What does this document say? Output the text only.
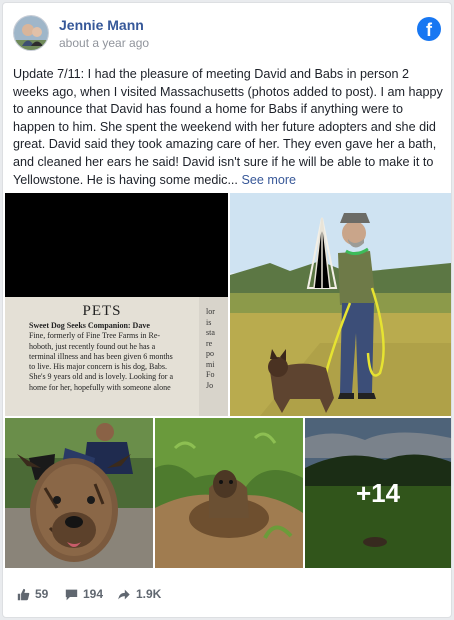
Jennie Mann
about a year ago
f
Update 7/11: I had the pleasure of meeting David and Babs in person 2 weeks ago, when I visited Massachusetts (photos added to post). I am happy to announce that David has found a home for Babs if anything were to happen to him. She spent the weekend with her future adopters and she did great. David said they took amazing care of her. They even gave her a bath, and cleaned her ears he said! David isn't sure if he will be able to make it to Yellowstone. He is having some medic... See more
PETS
Sweet Dog Seeks Companion: Dave
Fine, formerly of Fine Tree Farms in Re-
hoboth, just recently found out he has a
terminal illness and has been given 6 months
to live. His major concern is his dog, Babs.
She's 9 years old and is lovely. Looking for a
home for her, hopefully with someone alone
lor
is
sta
re
po
mi
Fo
Jo
+14
59	194	1.9K
